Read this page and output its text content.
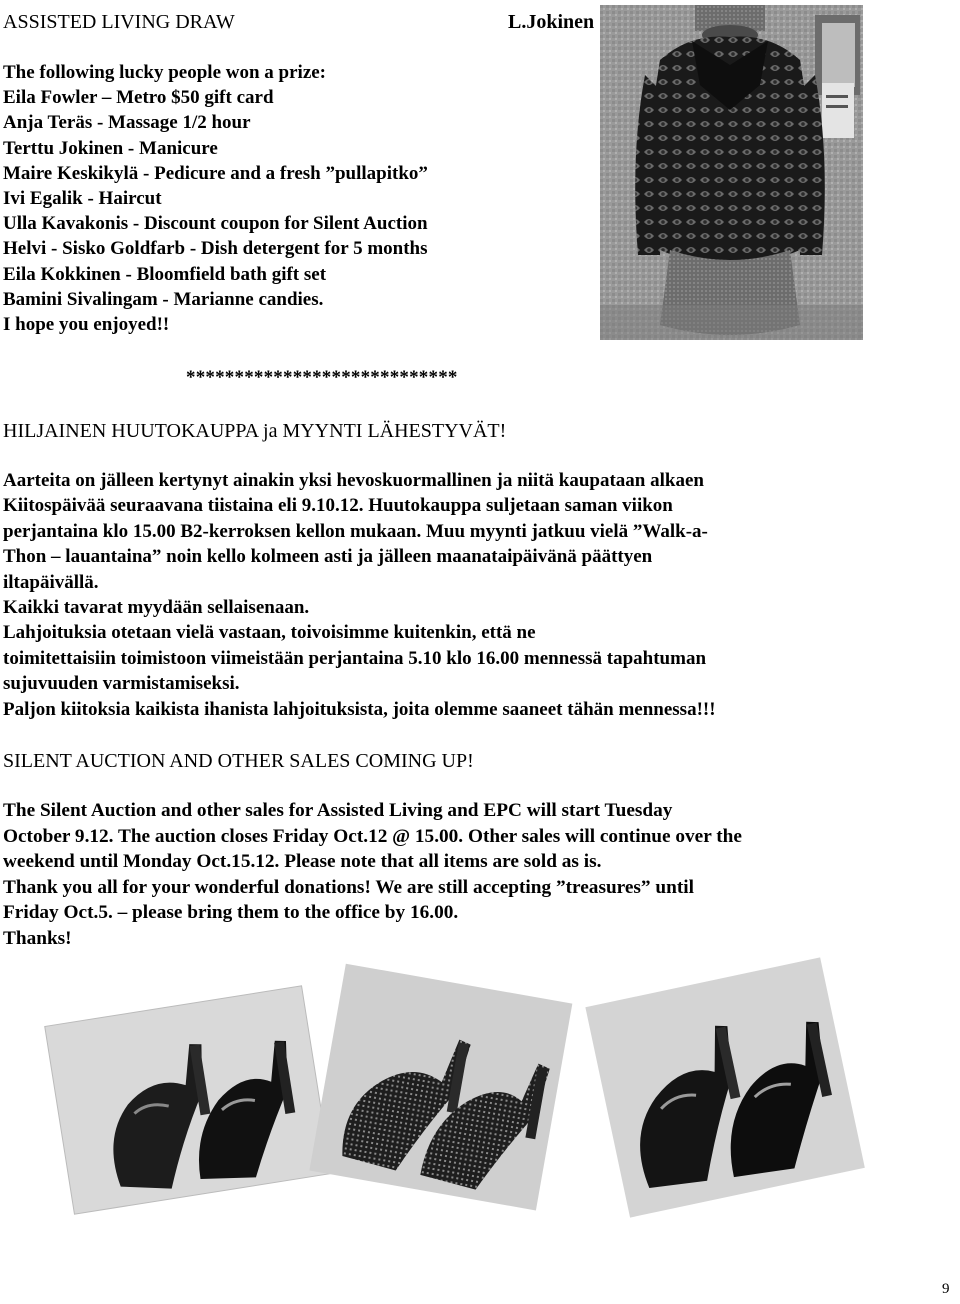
ASSISTED LIVING DRAW	L.Jokinen
The following lucky people won a prize:
Eila Fowler – Metro $50 gift card
Anja Teräs - Massage 1/2 hour
Terttu Jokinen - Manicure
Maire Keskikylä - Pedicure and a fresh ”pullapitko”
Ivi Egalik - Haircut
Ulla Kavakonis - Discount coupon for Silent Auction
Helvi - Sisko Goldfarb - Dish detergent for 5 months
Eila Kokkinen - Bloomfield bath gift set
Bamini Sivalingam - Marianne candies.
I hope you enjoyed!!
****************************
HILJAINEN HUUTOKAUPPA ja MYYNTI LÄHESTYVÄT!
Aarteita on jälleen kertynyt ainakin yksi hevoskuormallinen ja niitä kaupataan alkaen
Kiitospäivää seuraavana tiistaina eli 9.10.12. Huutokauppa suljetaan saman viikon
perjantaina klo 15.00 B2-kerroksen kellon mukaan. Muu myynti jatkuu vielä ”Walk-a-
Thon – lauantaina” noin kello kolmeen asti ja jälleen maanataipäivänä päättyen
iltapäivällä.
Kaikki tavarat myydään sellaisenaan.
Lahjoituksia otetaan vielä vastaan, toivoisimme kuitenkin, että ne
toimitettaisiin toimistoon viimeistään perjantaina 5.10 klo 16.00 mennessä tapahtuman
sujuvuuden varmistamiseksi.
Paljon kiitoksia kaikista ihanista lahjoituksista, joita olemme saaneet tähän mennessa!!!
SILENT AUCTION AND OTHER SALES COMING UP!
The Silent Auction and other sales for Assisted Living and EPC will start Tuesday
October 9.12. The auction closes Friday Oct.12 @ 15.00. Other sales will continue over the
weekend until Monday Oct.15.12. Please note that all items are sold as is.
Thank you all for your wonderful donations! We are still accepting ”treasures” until
Friday Oct.5. – please bring them to the office by 16.00.
Thanks!
9
